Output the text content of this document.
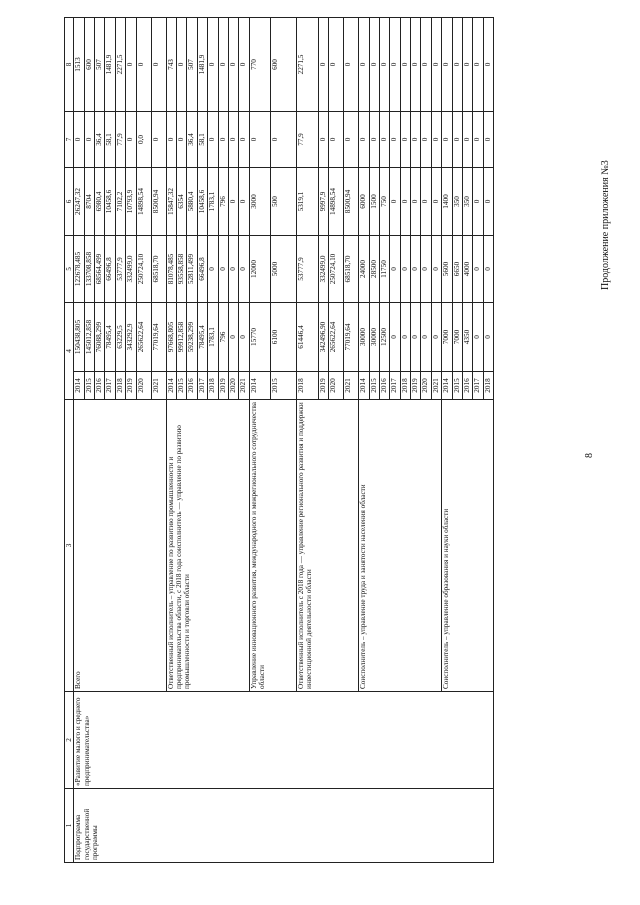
8
Продолжение приложения №3
1	2	3	4		5	6	7	8
Подпрограмма государственной программы	«Развитие малого и среднего предпринимательства»	Всего	2014	150438,805	122678,485	26247,32	0	1513
			2015	145012,858	133708,858	8704	0	600
			2016	76088,299	68564,499	6980,4	36,4	507
			2017	78495,4	66496,8	10458,6	58,1	1481,9
			2018	63229,5	53777,9	7102,2	77,9	2271,5
			2019	343292,9	332499,0	10793,9	0	0
			2020	265622,64	250724,10	14898,54	0,0	0
			2021	77019,64	68518,70	8500,94	0	0
		Ответственный исполнитель – управление по развитию промышленности и предпринимательства области, с 2018 года соисполнитель — управление по развитию промышленности и торговли области	2014	97668,805	81078,485	15847,32	0	743
			2015	99912,858	93558,858	6354	0	0
			2016	59238,299	52811,499	5880,4	36,4	507
			2017	78495,4	66496,8	10458,6	58,1	1481,9
			2018	1783,1	0	1783,1	0	0
			2019	796	0	796	0	0
			2020	0	0	0	0	0
			2021	0	0	0	0	0
		Управление инновационного развития, международного и межрегионального сотрудничества области	2014	15770	12000	3000	0	770
			2015	6100	5000	500	0	600
		Ответственный исполнитель с 2018 года — управление регионального развития и поддержки инвестиционной деятельности области	2018	61446,4	53777,9	5319,1	77,9	2271,5
			2019	342496,90	332499,0	9997,9	0	0
			2020	265622,64	250724,10	14898,54	0	0
			2021	77019,64	68518,70	8500,94	0	0
		Соисполнитель – управление труда и занятости населения области	2014	30000	24000	6000	0	0
			2015	30000	28500	1500	0	0
			2016	12500	11750	750	0	0
			2017	0	0	0	0	0
			2018	0	0	0	0	0
			2019	0	0	0	0	0
			2020	0	0	0	0	0
			2021	0	0	0	0	0
		Соисполнитель – управление образования и науки области	2014	7000	5600	1400	0	0
			2015	7000	6650	350	0	0
			2016	4350	4000	350	0	0
			2017	0	0	0	0	0
			2018	0	0	0	0	0
